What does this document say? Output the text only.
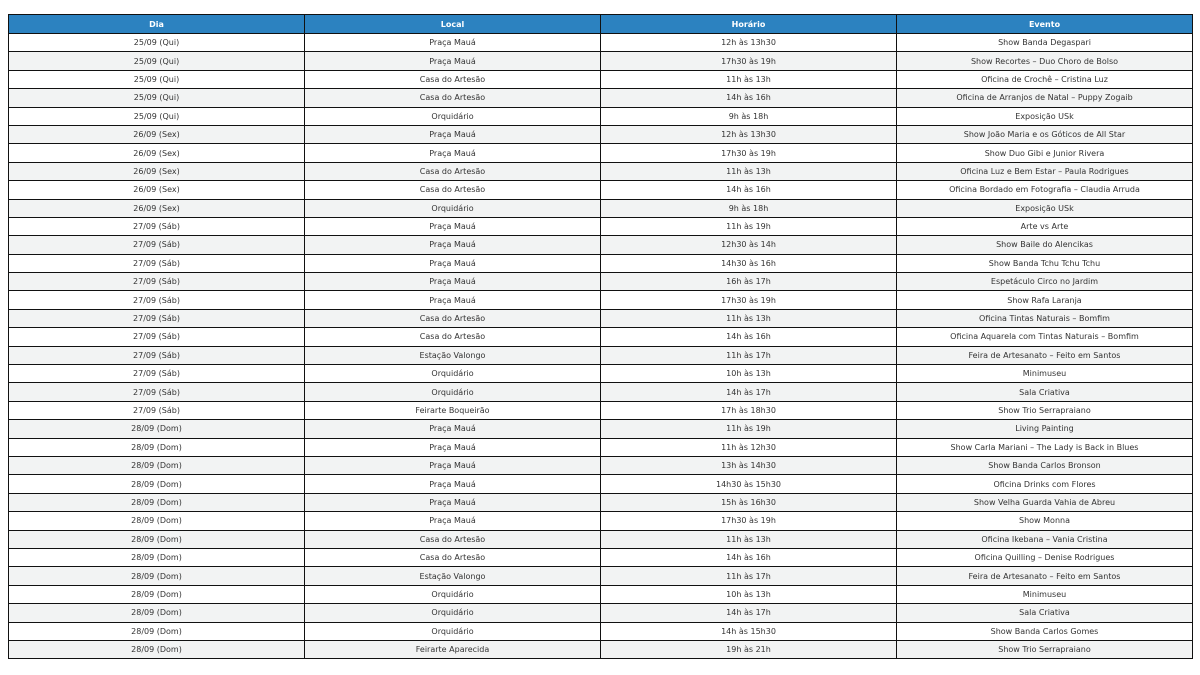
Dia	Local	Horário	Evento
25/09 (Qui)	Praça Mauá	12h às 13h30	Show Banda Degaspari
25/09 (Qui)	Praça Mauá	17h30 às 19h	Show Recortes – Duo Choro de Bolso
25/09 (Qui)	Casa do Artesão	11h às 13h	Oficina de Crochê – Cristina Luz
25/09 (Qui)	Casa do Artesão	14h às 16h	Oficina de Arranjos de Natal – Puppy Zogaib
25/09 (Qui)	Orquidário	9h às 18h	Exposição USk
26/09 (Sex)	Praça Mauá	12h às 13h30	Show João Maria e os Góticos de All Star
26/09 (Sex)	Praça Mauá	17h30 às 19h	Show Duo Gibi e Junior Rivera
26/09 (Sex)	Casa do Artesão	11h às 13h	Oficina Luz e Bem Estar – Paula Rodrigues
26/09 (Sex)	Casa do Artesão	14h às 16h	Oficina Bordado em Fotografia – Claudia Arruda
26/09 (Sex)	Orquidário	9h às 18h	Exposição USk
27/09 (Sáb)	Praça Mauá	11h às 19h	Arte vs Arte
27/09 (Sáb)	Praça Mauá	12h30 às 14h	Show Baile do Alencikas
27/09 (Sáb)	Praça Mauá	14h30 às 16h	Show Banda Tchu Tchu Tchu
27/09 (Sáb)	Praça Mauá	16h às 17h	Espetáculo Circo no Jardim
27/09 (Sáb)	Praça Mauá	17h30 às 19h	Show Rafa Laranja
27/09 (Sáb)	Casa do Artesão	11h às 13h	Oficina Tintas Naturais – Bomfim
27/09 (Sáb)	Casa do Artesão	14h às 16h	Oficina Aquarela com Tintas Naturais – Bomfim
27/09 (Sáb)	Estação Valongo	11h às 17h	Feira de Artesanato – Feito em Santos
27/09 (Sáb)	Orquidário	10h às 13h	Minimuseu
27/09 (Sáb)	Orquidário	14h às 17h	Sala Criativa
27/09 (Sáb)	Feirarte Boqueirão	17h às 18h30	Show Trio Serrapraiano
28/09 (Dom)	Praça Mauá	11h às 19h	Living Painting
28/09 (Dom)	Praça Mauá	11h às 12h30	Show Carla Mariani – The Lady is Back in Blues
28/09 (Dom)	Praça Mauá	13h às 14h30	Show Banda Carlos Bronson
28/09 (Dom)	Praça Mauá	14h30 às 15h30	Oficina Drinks com Flores
28/09 (Dom)	Praça Mauá	15h às 16h30	Show Velha Guarda Vahia de Abreu
28/09 (Dom)	Praça Mauá	17h30 às 19h	Show Monna
28/09 (Dom)	Casa do Artesão	11h às 13h	Oficina Ikebana – Vania Cristina
28/09 (Dom)	Casa do Artesão	14h às 16h	Oficina Quilling – Denise Rodrigues
28/09 (Dom)	Estação Valongo	11h às 17h	Feira de Artesanato – Feito em Santos
28/09 (Dom)	Orquidário	10h às 13h	Minimuseu
28/09 (Dom)	Orquidário	14h às 17h	Sala Criativa
28/09 (Dom)	Orquidário	14h às 15h30	Show Banda Carlos Gomes
28/09 (Dom)	Feirarte Aparecida	19h às 21h	Show Trio Serrapraiano
